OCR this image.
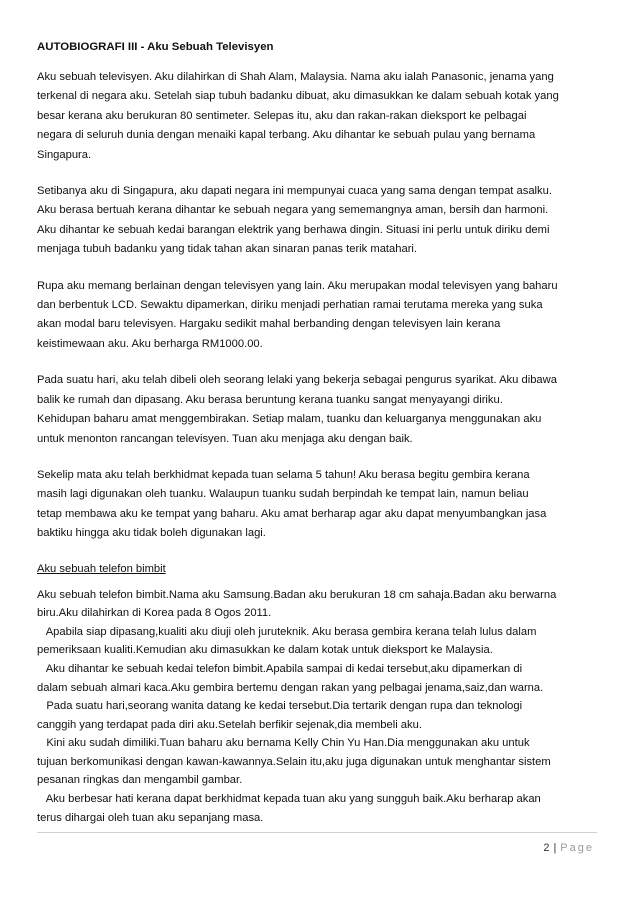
AUTOBIOGRAFI III - Aku Sebuah Televisyen
Aku sebuah televisyen. Aku dilahirkan di Shah Alam, Malaysia. Nama aku ialah Panasonic, jenama yang
terkenal di negara aku. Setelah siap tubuh badanku dibuat, aku dimasukkan ke dalam sebuah kotak yang
besar kerana aku berukuran 80 sentimeter. Selepas itu, aku dan rakan-rakan dieksport ke pelbagai
negara di seluruh dunia dengan menaiki kapal terbang. Aku dihantar ke sebuah pulau yang bernama
Singapura.
Setibanya aku di Singapura, aku dapati negara ini mempunyai cuaca yang sama dengan tempat asalku.
Aku berasa bertuah kerana dihantar ke sebuah negara yang sememangnya aman, bersih dan harmoni.
Aku dihantar ke sebuah kedai barangan elektrik yang berhawa dingin. Situasi ini perlu untuk diriku demi
menjaga tubuh badanku yang tidak tahan akan sinaran panas terik matahari.
Rupa aku memang berlainan dengan televisyen yang lain. Aku merupakan modal televisyen yang baharu
dan berbentuk LCD. Sewaktu dipamerkan, diriku menjadi perhatian ramai terutama mereka yang suka
akan modal baru televisyen. Hargaku sedikit mahal berbanding dengan televisyen lain kerana
keistimewaan aku. Aku berharga RM1000.00.
Pada suatu hari, aku telah dibeli oleh seorang lelaki yang bekerja sebagai pengurus syarikat. Aku dibawa
balik ke rumah dan dipasang. Aku berasa beruntung kerana tuanku sangat menyayangi diriku.
Kehidupan baharu amat menggembirakan. Setiap malam, tuanku dan keluarganya menggunakan aku
untuk menonton rancangan televisyen. Tuan aku menjaga aku dengan baik.
Sekelip mata aku telah berkhidmat kepada tuan selama 5 tahun! Aku berasa begitu gembira kerana
masih lagi digunakan oleh tuanku. Walaupun tuanku sudah berpindah ke tempat lain, namun beliau
tetap membawa aku ke tempat yang baharu. Aku amat berharap agar aku dapat menyumbangkan jasa
baktiku hingga aku tidak boleh digunakan lagi.
Aku sebuah telefon bimbit
Aku sebuah telefon bimbit.Nama aku Samsung.Badan aku berukuran 18 cm sahaja.Badan aku berwarna
biru.Aku dilahirkan di Korea pada 8 Ogos 2011.
Apabila siap dipasang,kualiti aku diuji oleh juruteknik. Aku berasa gembira kerana telah lulus dalam
pemeriksaan kualiti.Kemudian aku dimasukkan ke dalam kotak untuk dieksport ke Malaysia.
Aku dihantar ke sebuah kedai telefon bimbit.Apabila sampai di kedai tersebut,aku dipamerkan di
dalam sebuah almari kaca.Aku gembira bertemu dengan rakan yang pelbagai jenama,saiz,dan warna.
Pada suatu hari,seorang wanita datang ke kedai tersebut.Dia tertarik dengan rupa dan teknologi
canggih yang terdapat pada diri aku.Setelah berfikir sejenak,dia membeli aku.
Kini aku sudah dimiliki.Tuan baharu aku bernama Kelly Chin Yu Han.Dia menggunakan aku untuk
tujuan berkomunikasi dengan kawan-kawannya.Selain itu,aku juga digunakan untuk menghantar sistem
pesanan ringkas dan mengambil gambar.
Aku berbesar hati kerana dapat berkhidmat kepada tuan aku yang sungguh baik.Aku berharap akan
terus dihargai oleh tuan aku sepanjang masa.
2 | Page
